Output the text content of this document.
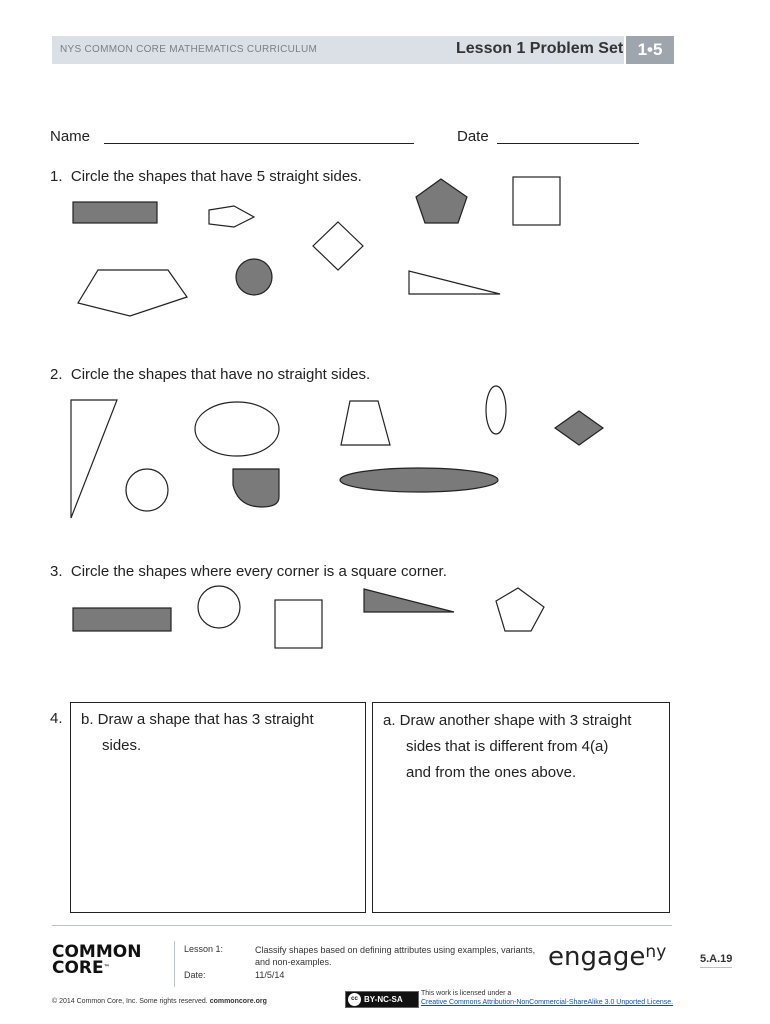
NYS COMMON CORE MATHEMATICS CURRICULUM	Lesson 1 Problem Set 1•5
Name	Date
1. Circle the shapes that have 5 straight sides.
2. Circle the shapes that have no straight sides.
3. Circle the shapes where every corner is a square corner.
4. b. Draw a shape that has 3 straight
sides.
a. Draw another shape with 3 straight
sides that is different from 4(a)
and from the ones above.
COMMON
CORE™
Lesson 1:	Classify shapes based on defining attributes using examples, variants,
and non-examples.
Date:	11/5/14
engageny	5.A.19
© 2014 Common Core, Inc. Some rights reserved. commoncore.org	cc BY-NC-SA
This work is licensed under a
Creative Commons Attribution-NonCommercial-ShareAlike 3.0 Unported License.
